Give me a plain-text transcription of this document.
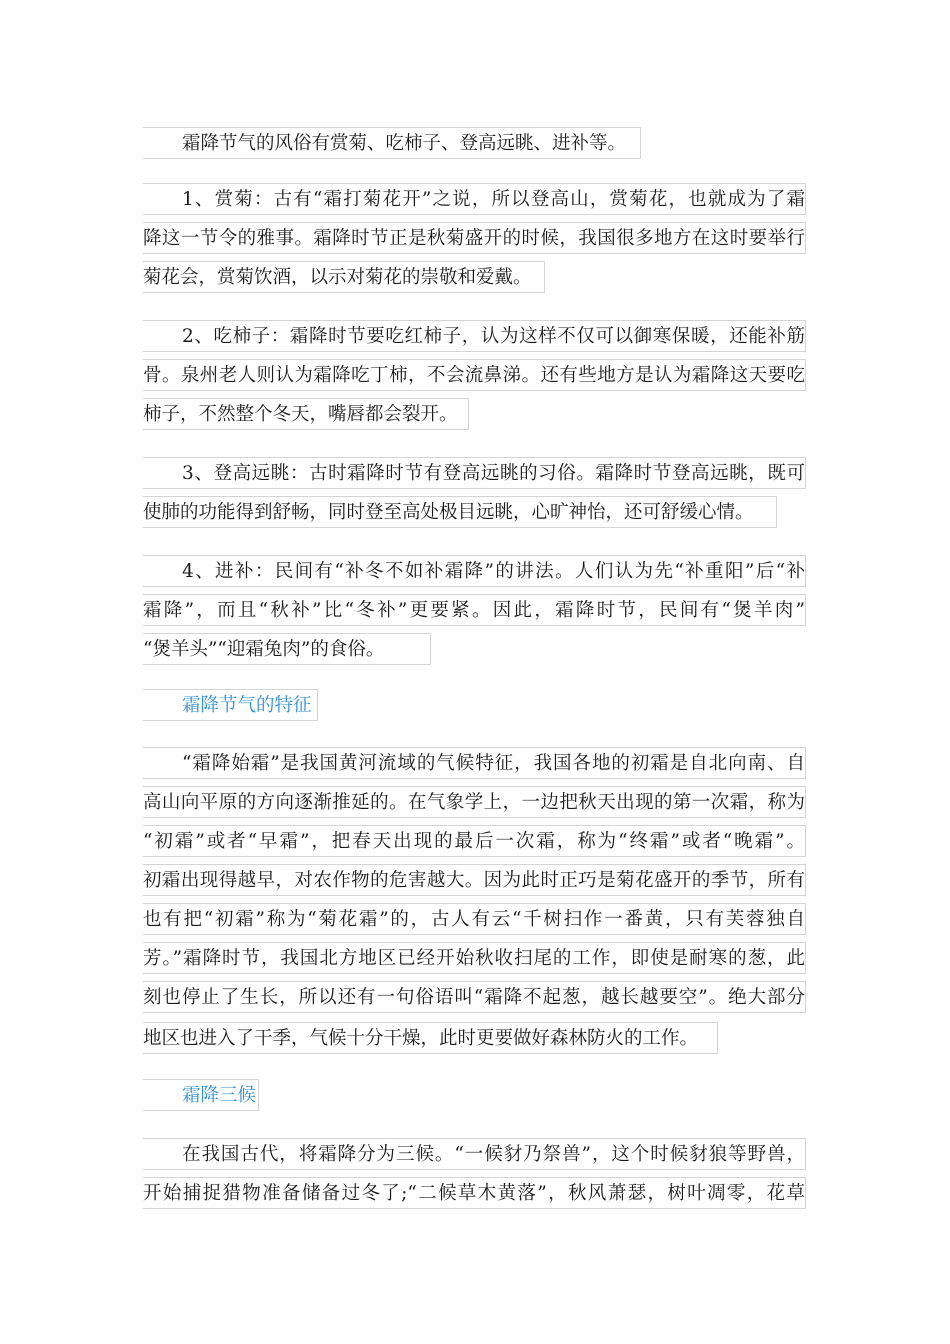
霜降节气的风俗有赏菊、吃柿子、登高远眺、进补等。
1、赏菊：古有“霜打菊花开”之说，所以登高山，赏菊花，也就成为了霜
降这一节令的雅事。霜降时节正是秋菊盛开的时候，我国很多地方在这时要举行
菊花会，赏菊饮酒，以示对菊花的崇敬和爱戴。
2、吃柿子：霜降时节要吃红柿子，认为这样不仅可以御寒保暖，还能补筋
骨。泉州老人则认为霜降吃丁柿，不会流鼻涕。还有些地方是认为霜降这天要吃
柿子，不然整个冬天，嘴唇都会裂开。
3、登高远眺：古时霜降时节有登高远眺的习俗。霜降时节登高远眺，既可
使肺的功能得到舒畅，同时登至高处极目远眺，心旷神怡，还可舒缓心情。
4、进补：民间有“补冬不如补霜降”的讲法。人们认为先“补重阳”后“补
霜降”，而且“秋补”比“冬补”更要紧。因此，霜降时节，民间有“煲羊肉”
“煲羊头”“迎霜兔肉”的食俗。
霜降节气的特征
“霜降始霜”是我国黄河流域的气候特征，我国各地的初霜是自北向南、自
高山向平原的方向逐渐推延的。在气象学上，一边把秋天出现的第一次霜，称为
“初霜”或者“早霜”，把春天出现的最后一次霜，称为“终霜”或者“晚霜”。
初霜出现得越早，对农作物的危害越大。因为此时正巧是菊花盛开的季节，所有
也有把“初霜”称为“菊花霜”的，古人有云“千树扫作一番黄，只有芙蓉独自
芳。”霜降时节，我国北方地区已经开始秋收扫尾的工作，即使是耐寒的葱，此
刻也停止了生长，所以还有一句俗语叫“霜降不起葱，越长越要空”。绝大部分
地区也进入了干季，气候十分干燥，此时更要做好森林防火的工作。
霜降三候
在我国古代，将霜降分为三候。“一候豺乃祭兽”，这个时候豺狼等野兽，
开始捕捉猎物准备储备过冬了;“二候草木黄落”，秋风萧瑟，树叶凋零，花草
